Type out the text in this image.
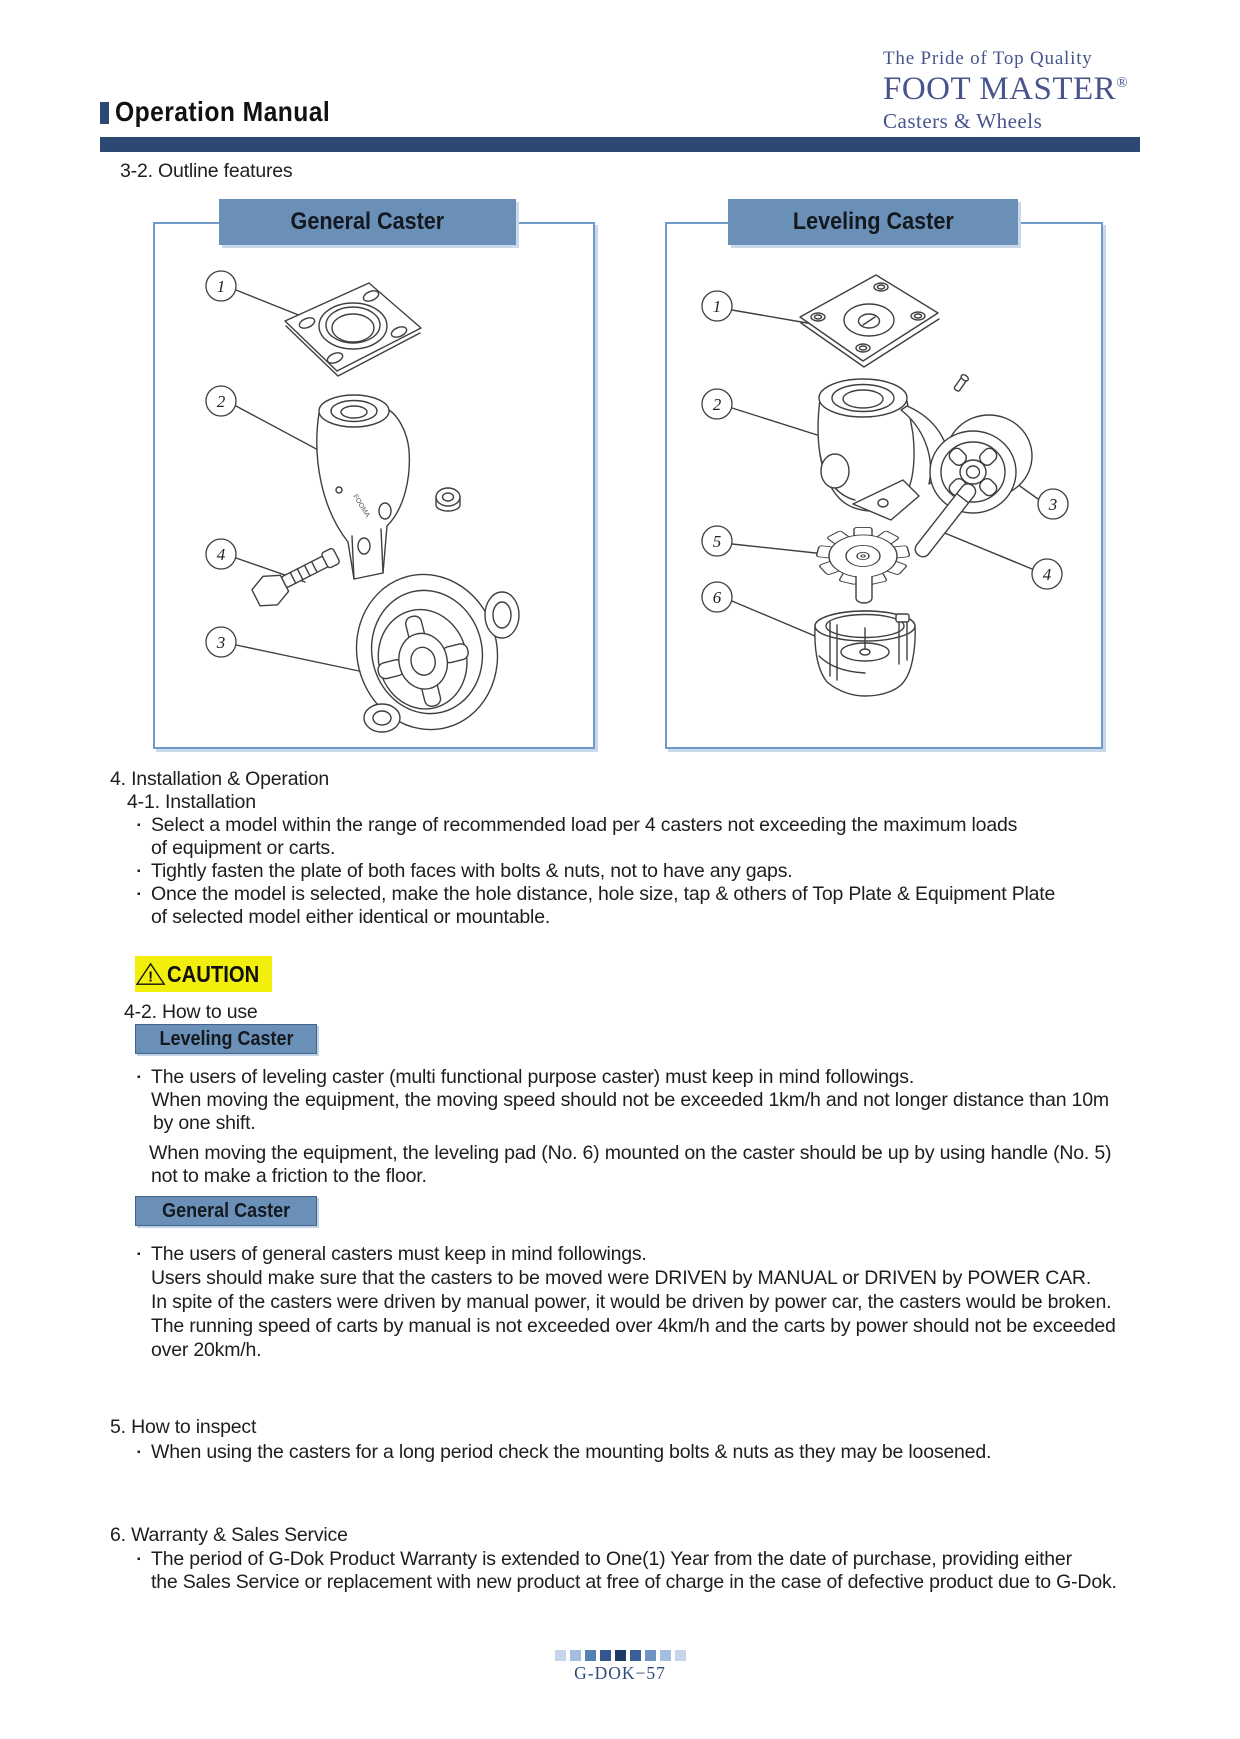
Operation Manual
The Pride of Top Quality
FOOT MASTER®
Casters & Wheels
3-2. Outline features
FOOMA
1
2
4
3
1
2
5
6
3
4
General Caster	Leveling Caster
4. Installation & Operation
4-1. Installation
▪ Select a model within the range of recommended load per 4 casters not exceeding the maximum loads
of equipment or carts.
▪ Tightly fasten the plate of both faces with bolts & nuts, not to have any gaps.
▪ Once the model is selected, make the hole distance, hole size, tap & others of Top Plate & Equipment Plate
of selected model either identical or mountable.
! CAUTION
4-2. How to use
Leveling Caster
▪ The users of leveling caster (multi functional purpose caster) must keep in mind followings.
When moving the equipment, the moving speed should not be exceeded 1km/h and not longer distance than 10m
by one shift.
When moving the equipment, the leveling pad (No. 6) mounted on the caster should be up by using handle (No. 5)
not to make a friction to the floor.
General Caster
▪ The users of general casters must keep in mind followings.
Users should make sure that the casters to be moved were DRIVEN by MANUAL or DRIVEN by POWER CAR.
In spite of the casters were driven by manual power, it would be driven by power car, the casters would be broken.
The running speed of carts by manual is not exceeded over 4km/h and the carts by power should not be exceeded
over 20km/h.
5. How to inspect
▪ When using the casters for a long period check the mounting bolts & nuts as they may be loosened.
6. Warranty & Sales Service
▪ The period of G-Dok Product Warranty is extended to One(1) Year from the date of purchase, providing either
the Sales Service or replacement with new product at free of charge in the case of defective product due to G-Dok.
G-DOK−57
